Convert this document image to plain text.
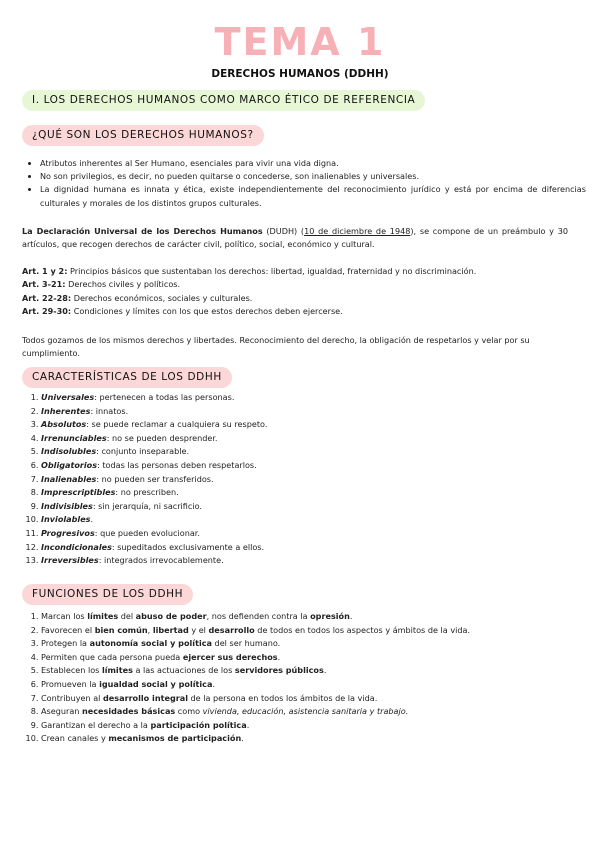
TEMA 1
DERECHOS HUMANOS (DDHH)
I. LOS DERECHOS HUMANOS COMO MARCO ÉTICO DE REFERENCIA
¿QUÉ SON LOS DERECHOS HUMANOS?
• Atributos inherentes al Ser Humano, esenciales para vivir una vida digna.
• No son privilegios, es decir, no pueden quitarse o concederse, son inalienables y universales.
• La dignidad humana es innata y ética, existe independientemente del reconocimiento jurídico y está por encima de diferencias culturales y morales de los distintos grupos culturales.
La Declaración Universal de los Derechos Humanos (DUDH) (10 de diciembre de 1948), se compone de un preámbulo y 30 artículos, que recogen derechos de carácter civil, político, social, económico y cultural.
Art. 1 y 2: Principios básicos que sustentaban los derechos: libertad, igualdad, fraternidad y no discriminación.
Art. 3-21: Derechos civiles y políticos.
Art. 22-28: Derechos económicos, sociales y culturales.
Art. 29-30: Condiciones y límites con los que estos derechos deben ejercerse.
Todos gozamos de los mismos derechos y libertades. Reconocimiento del derecho, la obligación de respetarlos y velar por su cumplimiento.
CARACTERÍSTICAS DE LOS DDHH
1. Universales: pertenecen a todas las personas.
2. Inherentes: innatos.
3. Absolutos: se puede reclamar a cualquiera su respeto.
4. Irrenunciables: no se pueden desprender.
5. Indisolubles: conjunto inseparable.
6. Obligatorios: todas las personas deben respetarlos.
7. Inalienables: no pueden ser transferidos.
8. Imprescriptibles: no prescriben.
9. Indivisibles: sin jerarquía, ni sacrificio.
10. Inviolables.
11. Progresivos: que pueden evolucionar.
12. Incondicionales: supeditados exclusivamente a ellos.
13. Irreversibles: integrados irrevocablemente.
FUNCIONES DE LOS DDHH
1. Marcan los límites del abuso de poder, nos defienden contra la opresión.
2. Favorecen el bien común, libertad y el desarrollo de todos en todos los aspectos y ámbitos de la vida.
3. Protegen la autonomía social y política del ser humano.
4. Permiten que cada persona pueda ejercer sus derechos.
5. Establecen los límites a las actuaciones de los servidores públicos.
6. Promueven la igualdad social y política.
7. Contribuyen al desarrollo integral de la persona en todos los ámbitos de la vida.
8. Aseguran necesidades básicas como vivienda, educación, asistencia sanitaria y trabajo.
9. Garantizan el derecho a la participación política.
10. Crean canales y mecanismos de participación.
